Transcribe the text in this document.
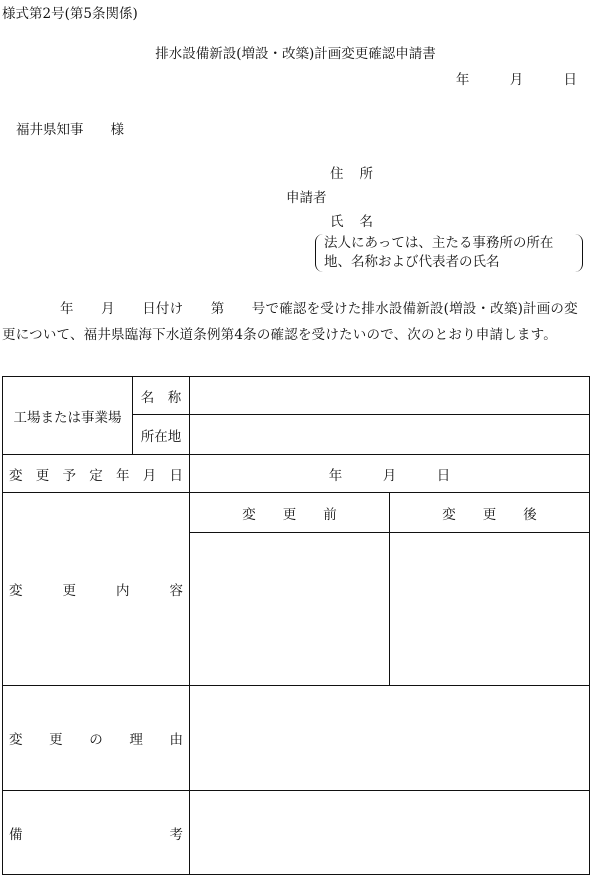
様式第2号(第5条関係)
排水設備新設(増設・改築)計画変更確認申請書
年	月	日
福井県知事　　様
住所
申請者
氏名
法人にあっては、主たる事務所の所在
地、名称および代表者の氏名
年　　月　　日付け　　第　　号で確認を受けた排水設備新設(増設・改築)計画の変更について、福井県臨海下水道条例第4条の確認を受けたいので、次のとおり申請します。
工場または事業場	名　称		
	所在地		
変更予定年月日		年　　　月　　　日	
変更内容		変　　更　　前	変　　更　　後

変更の理由			
備考			
